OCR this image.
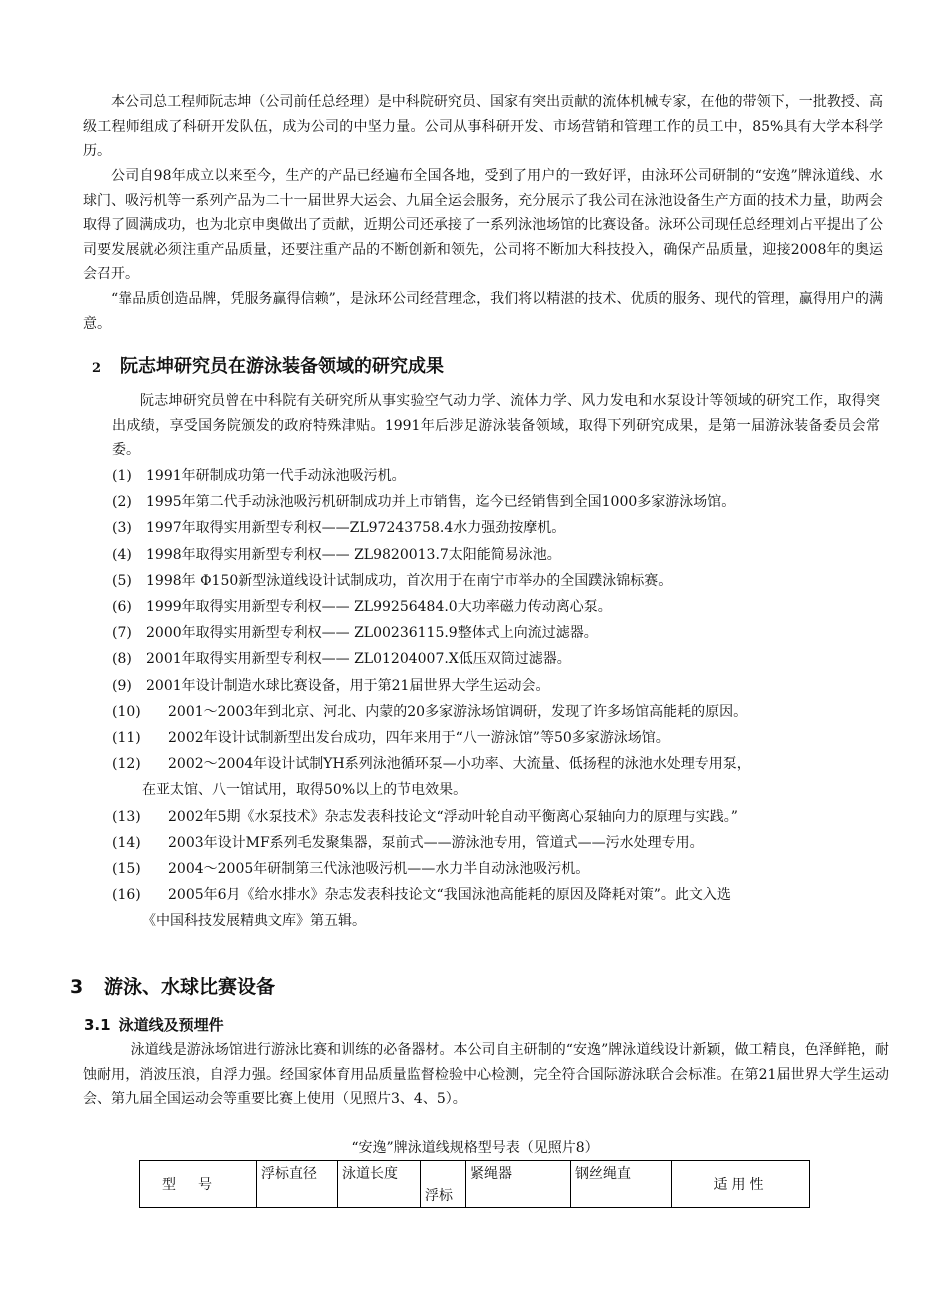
本公司总工程师阮志坤（公司前任总经理）是中科院研究员、国家有突出贡献的流体机械专家，在他的带领下，一批教授、高级工程师组成了科研开发队伍，成为公司的中坚力量。公司从事科研开发、市场营销和管理工作的员工中，85%具有大学本科学历。

公司自98年成立以来至今，生产的产品已经遍布全国各地，受到了用户的一致好评，由泳环公司研制的“安逸”牌泳道线、水球门、吸污机等一系列产品为二十一届世界大运会、九届全运会服务，充分展示了我公司在泳池设备生产方面的技术力量，助两会取得了圆满成功，也为北京申奥做出了贡献，近期公司还承接了一系列泳池场馆的比赛设备。泳环公司现任总经理刘占平提出了公司要发展就必须注重产品质量，还要注重产品的不断创新和领先，公司将不断加大科技投入，确保产品质量，迎接2008年的奥运会召开。

“靠品质创造品牌，凭服务赢得信赖”，是泳环公司经营理念，我们将以精湛的技术、优质的服务、现代的管理，赢得用户的满意。

2	阮志坤研究员在游泳装备领域的研究成果

阮志坤研究员曾在中科院有关研究所从事实验空气动力学、流体力学、风力发电和水泵设计等领域的研究工作，取得突出成绩，享受国务院颁发的政府特殊津贴。1991年后涉足游泳装备领域，取得下列研究成果，是第一届游泳装备委员会常委。

(1)	1991年研制成功第一代手动泳池吸污机。
(2)	1995年第二代手动泳池吸污机研制成功并上市销售，迄今已经销售到全国1000多家游泳场馆。
(3)	1997年取得实用新型专利权——ZL97243758.4水力强劲按摩机。
(4)	1998年取得实用新型专利权—— ZL9820013.7太阳能简易泳池。
(5)	1998年 Φ150新型泳道线设计试制成功，首次用于在南宁市举办的全国蹼泳锦标赛。
(6)	1999年取得实用新型专利权—— ZL99256484.0大功率磁力传动离心泵。
(7)	2000年取得实用新型专利权—— ZL00236115.9整体式上向流过滤器。
(8)	2001年取得实用新型专利权—— ZL01204007.X低压双筒过滤器。
(9)	2001年设计制造水球比赛设备，用于第21届世界大学生运动会。
(10)	2001～2003年到北京、河北、内蒙的20多家游泳场馆调研，发现了许多场馆高能耗的原因。
(11)	2002年设计试制新型出发台成功，四年来用于“八一游泳馆”等50多家游泳场馆。
(12)	2002～2004年设计试制YH系列泳池循环泵—小功率、大流量、低扬程的泳池水处理专用泵，
在亚太馆、八一馆试用，取得50%以上的节电效果。
(13)	2002年5期《水泵技术》杂志发表科技论文“浮动叶轮自动平衡离心泵轴向力的原理与实践。”
(14)	2003年设计MF系列毛发聚集器，泵前式——游泳池专用，管道式——污水处理专用。
(15)	2004～2005年研制第三代泳池吸污机——水力半自动泳池吸污机。
(16)	2005年6月《给水排水》杂志发表科技论文“我国泳池高能耗的原因及降耗对策”。此文入选
《中国科技发展精典文库》第五辑。
3 游泳、水球比赛设备
3.1 泳道线及预埋件

泳道线是游泳场馆进行游泳比赛和训练的必备器材。本公司自主研制的“安逸”牌泳道线设计新颖，做工精良，色泽鲜艳，耐蚀耐用，消波压浪，自浮力强。经国家体育用品质量监督检验中心检测，完全符合国际游泳联合会标准。在第21届世界大学生运动会、第九届全国运动会等重要比赛上使用（见照片3、4、5）。

“安逸”牌泳道线规格型号表（见照片8）

型号	浮标直径	泳道长度	浮标	紧绳器	钢丝绳直	适用性
